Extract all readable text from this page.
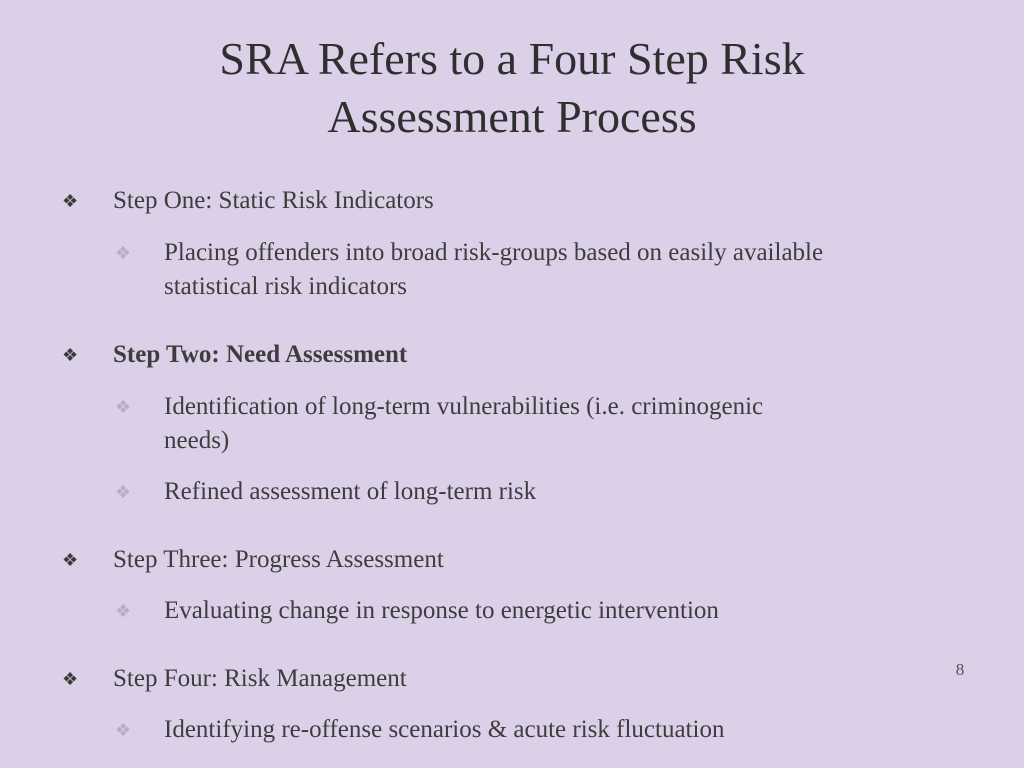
SRA Refers to a Four Step Risk
Assessment Process
❖ Step One: Static Risk Indicators
❖ Placing offenders into broad risk-groups based on easily available
statistical risk indicators
❖ Step Two: Need Assessment
❖ Identification of long-term vulnerabilities (i.e. criminogenic
needs)
❖ Refined assessment of long-term risk
❖ Step Three: Progress Assessment
❖ Evaluating change in response to energetic intervention
❖ Step Four: Risk Management
❖ Identifying re-offense scenarios & acute risk fluctuation
8
